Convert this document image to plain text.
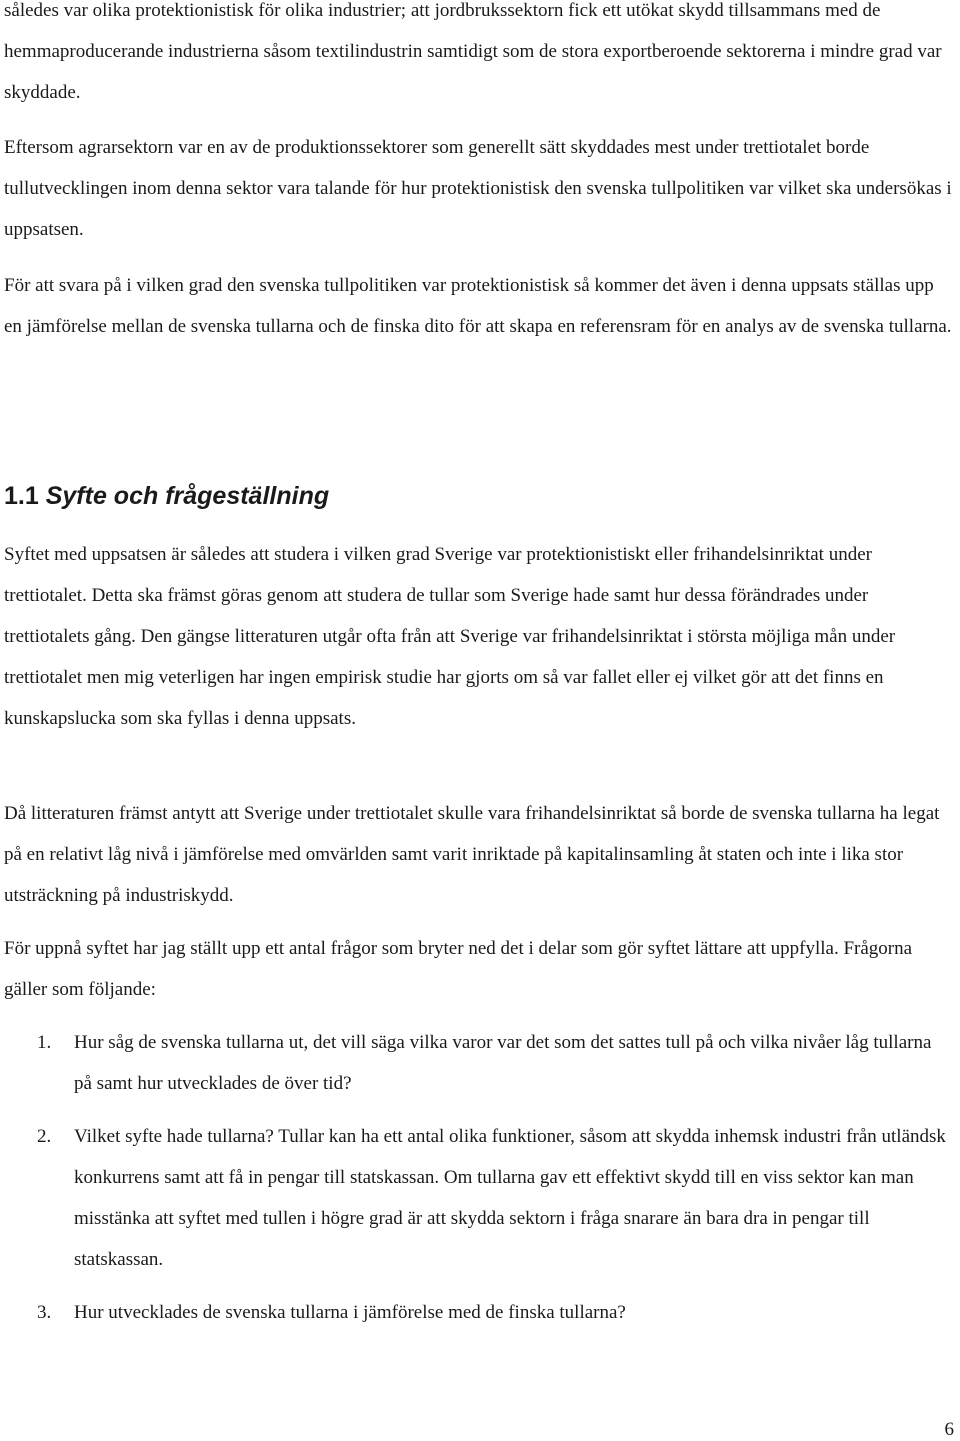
således var olika protektionistisk för olika industrier; att jordbrukssektorn fick ett utökat skydd tillsammans med de hemmaproducerande industrierna såsom textilindustrin samtidigt som de stora exportberoende sektorerna i mindre grad var skyddade.

Eftersom agrarsektorn var en av de produktionssektorer som generellt sätt skyddades mest under trettiotalet borde tullutvecklingen inom denna sektor vara talande för hur protektionistisk den svenska tullpolitiken var vilket ska undersökas i uppsatsen.

För att svara på i vilken grad den svenska tullpolitiken var protektionistisk så kommer det även i denna uppsats ställas upp en jämförelse mellan de svenska tullarna och de finska dito för att skapa en referensram för en analys av de svenska tullarna.

1.1 Syfte och frågeställning

Syftet med uppsatsen är således att studera i vilken grad Sverige var protektionistiskt eller frihandelsinriktat under trettiotalet. Detta ska främst göras genom att studera de tullar som Sverige hade samt hur dessa förändrades under trettiotalets gång. Den gängse litteraturen utgår ofta från att Sverige var frihandelsinriktat i största möjliga mån under trettiotalet men mig veterligen har ingen empirisk studie har gjorts om så var fallet eller ej vilket gör att det finns en kunskapslucka som ska fyllas i denna uppsats.

Då litteraturen främst antytt att Sverige under trettiotalet skulle vara frihandelsinriktat så borde de svenska tullarna ha legat på en relativt låg nivå i jämförelse med omvärlden samt varit inriktade på kapitalinsamling åt staten och inte i lika stor utsträckning på industriskydd.

För uppnå syftet har jag ställt upp ett antal frågor som bryter ned det i delar som gör syftet lättare att uppfylla. Frågorna gäller som följande:

1.	Hur såg de svenska tullarna ut, det vill säga vilka varor var det som det sattes tull på och vilka nivåer låg tullarna på samt hur utvecklades de över tid?
2.	Vilket syfte hade tullarna? Tullar kan ha ett antal olika funktioner, såsom att skydda inhemsk industri från utländsk konkurrens samt att få in pengar till statskassan. Om tullarna gav ett effektivt skydd till en viss sektor kan man misstänka att syftet med tullen i högre grad är att skydda sektorn i fråga snarare än bara dra in pengar till statskassan.
3.	Hur utvecklades de svenska tullarna i jämförelse med de finska tullarna?
6
